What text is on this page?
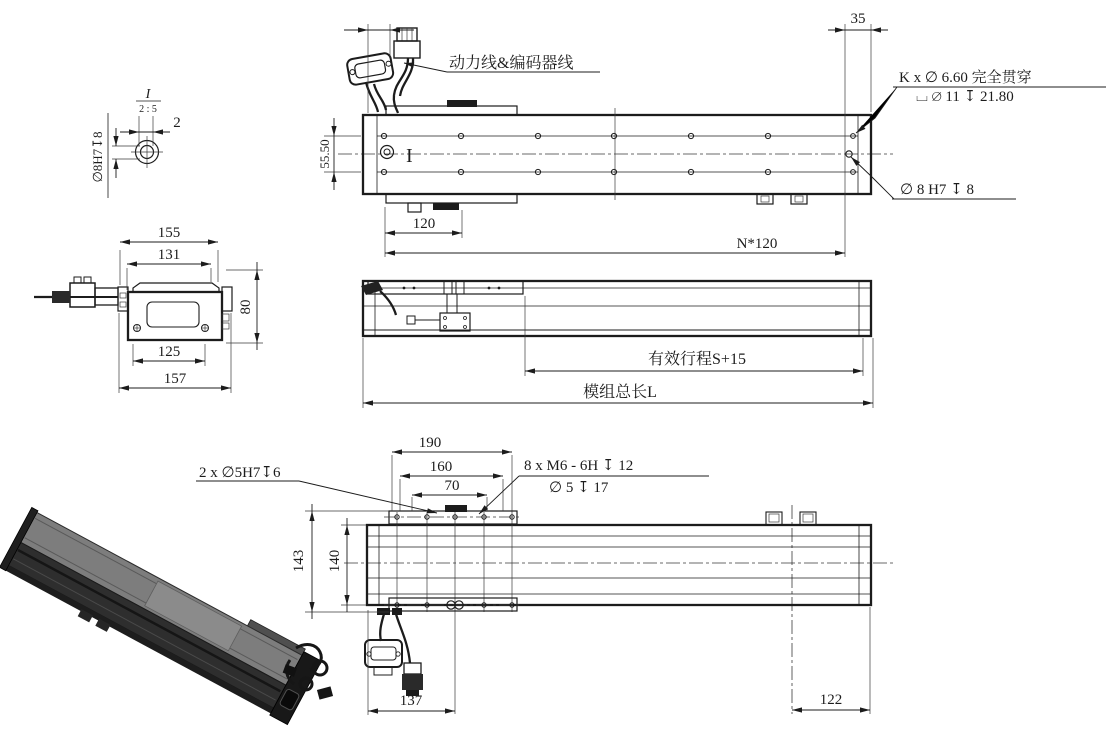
I
2 : 5
2
∅8H7↧8	I
动力线&编码器线
35
55.50
120
N*120
K x ∅ 6.60 完全贯穿
⌴ ∅ 11 ↧ 21.80
∅ 8 H7 ↧ 8
155
131
80
125
157
有效行程S+15
模组总长L
190
160
70
2 x ∅5H7↧6	8 x M6 - 6H ↧ 12
∅ 5 ↧ 17
143 140
137	122
